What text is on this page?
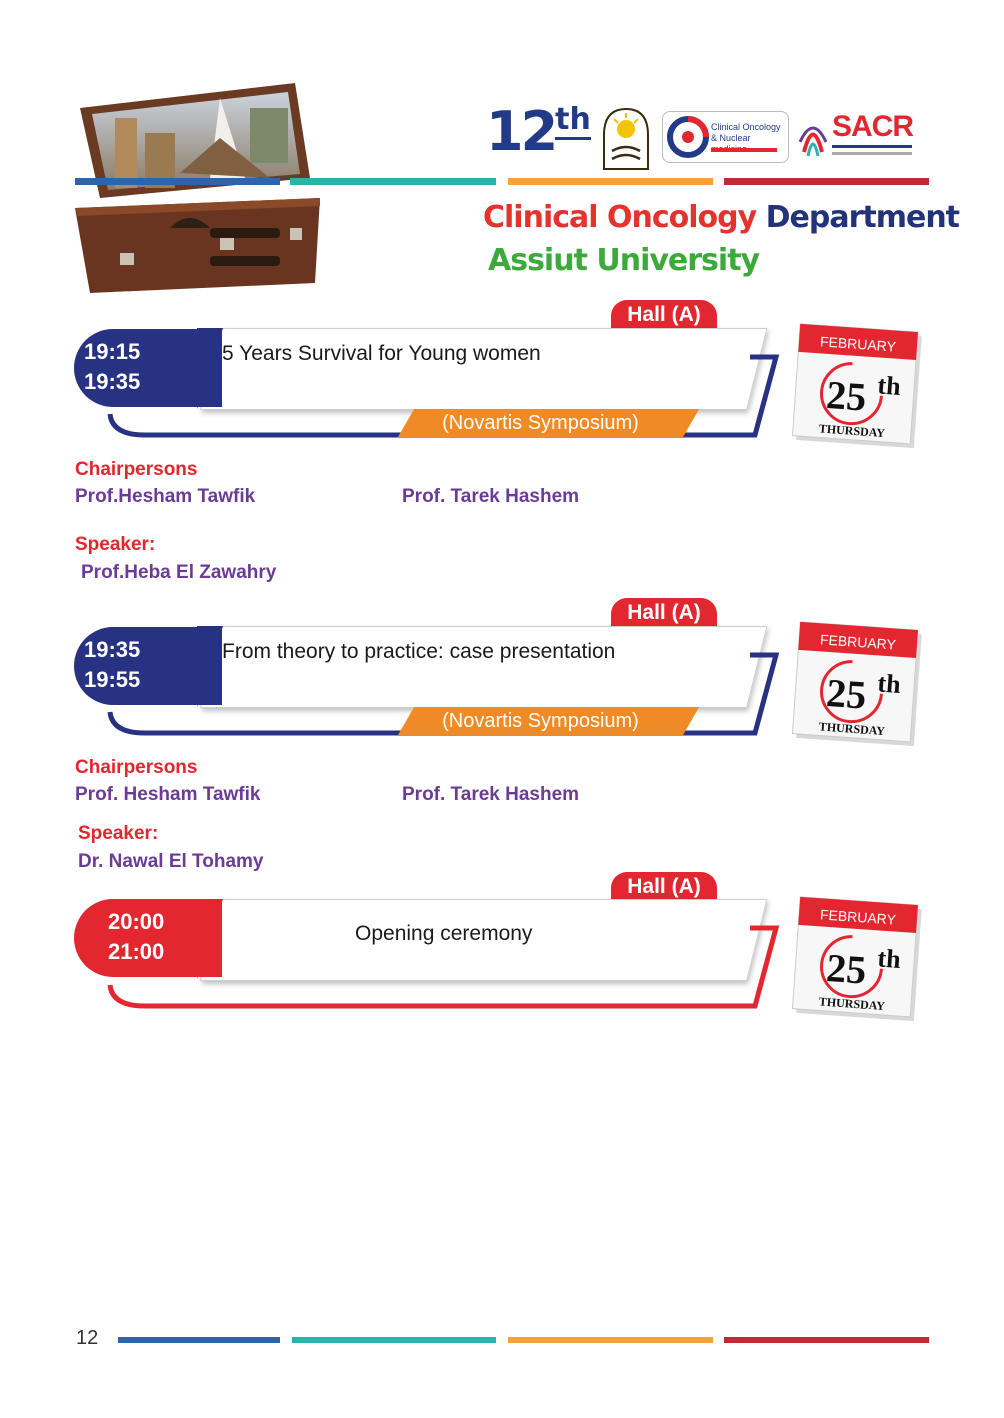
12th	Clinical Oncology
& Nuclear	SACR
Clinical Oncology Department
Assiut University
Hall (A)
19:15
19:35
5 Years Survival for Young women
(Novartis Symposium)
FEBRUARY
25 th
THURSDAY
Chairpersons
Prof.Hesham Tawfik	Prof. Tarek Hashem
Speaker:
Prof.Heba El Zawahry
Hall (A)
19:35
19:55
From theory to practice: case presentation
(Novartis Symposium)
FEBRUARY
25 th
THURSDAY
Chairpersons
Prof. Hesham Tawfik	Prof. Tarek Hashem
Speaker:
Dr. Nawal El Tohamy
Hall (A)
20:00
21:00
Opening ceremony
FEBRUARY
25 th
THURSDAY
12
